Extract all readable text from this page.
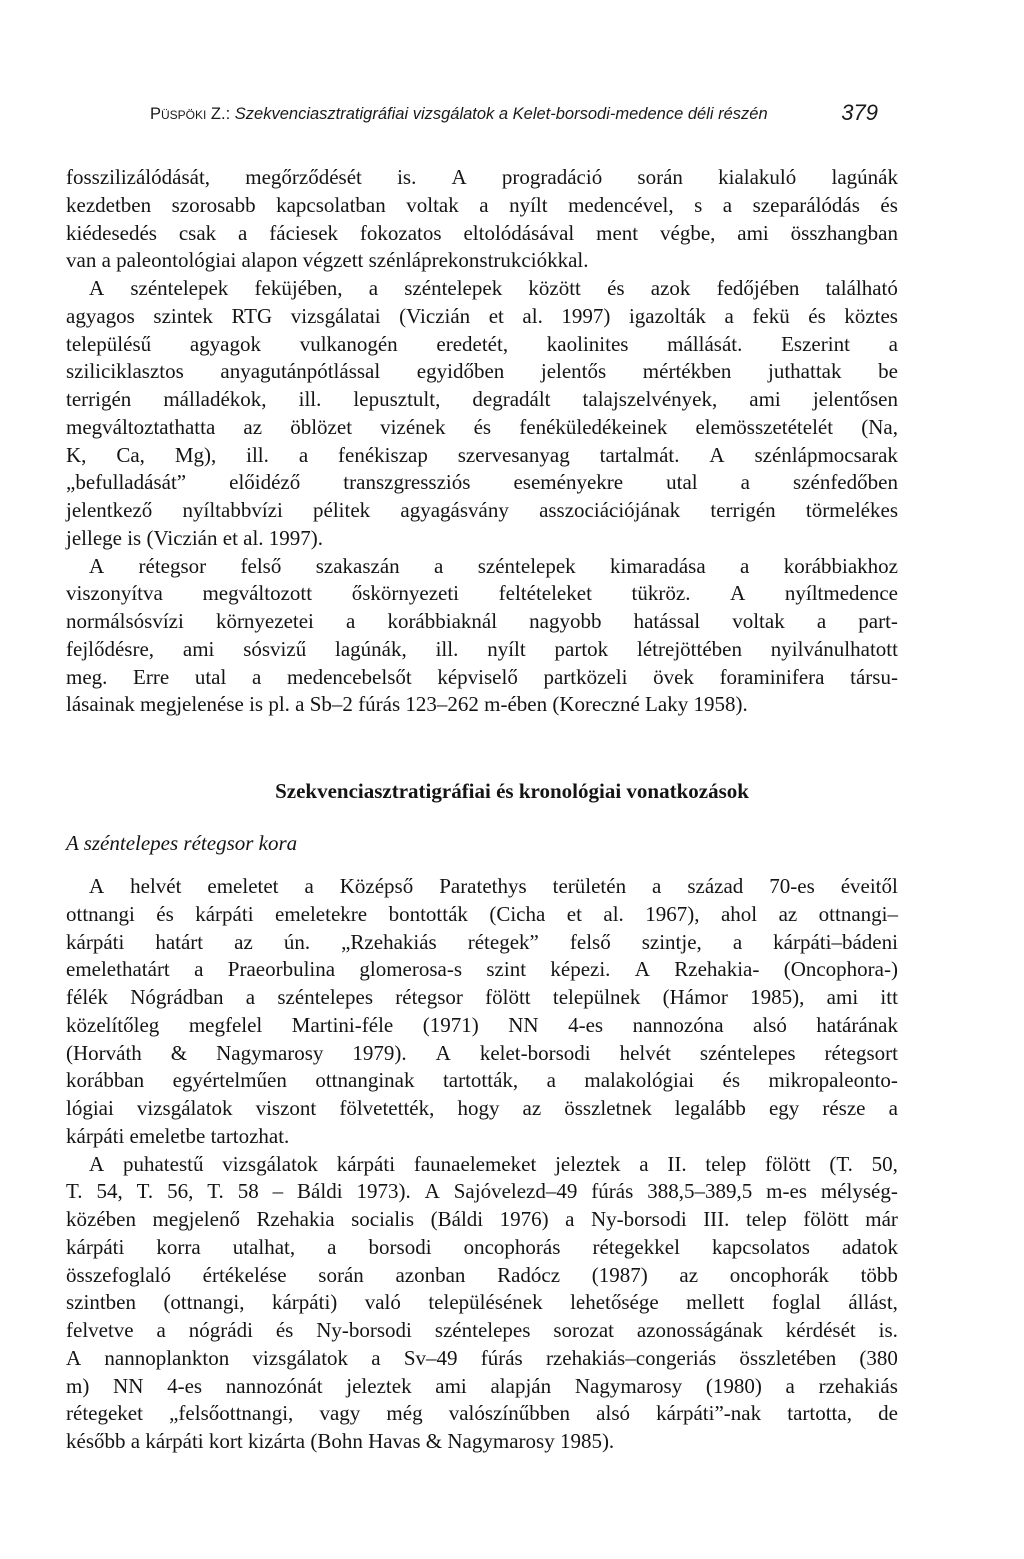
Püspöki Z.: Szekvenciasztratigráfiai vizsgálatok a Kelet-borsodi-medence déli részén	379
fosszilizálódását, megőrződését is. A progradáció során kialakuló lagúnák
kezdetben szorosabb kapcsolatban voltak a nyílt medencével, s a szeparálódás és
kiédesedés csak a fáciesek fokozatos eltolódásával ment végbe, ami összhangban
van a paleontológiai alapon végzett szénláprekonstrukciókkal.
A széntelepek feküjében, a széntelepek között és azok fedőjében található
agyagos szintek RTG vizsgálatai (Viczián et al. 1997) igazolták a fekü és köztes
településű agyagok vulkanogén eredetét, kaolinites mállását. Eszerint a
sziliciklasztos anyagutánpótlással egyidőben jelentős mértékben juthattak be
terrigén málladékok, ill. lepusztult, degradált talajszelvények, ami jelentősen
megváltoztathatta az öblözet vizének és fenéküledékeinek elemösszetételét (Na,
K, Ca, Mg), ill. a fenékiszap szervesanyag tartalmát. A szénlápmocsarak
„befulladását” előidéző transzgressziós eseményekre utal a szénfedőben
jelentkező nyíltabbvízi pélitek agyagásvány asszociációjának terrigén törmelékes
jellege is (Viczián et al. 1997).
A rétegsor felső szakaszán a széntelepek kimaradása a korábbiakhoz
viszonyítva megváltozott őskörnyezeti feltételeket tükröz. A nyíltmedence
normálsósvízi környezetei a korábbiaknál nagyobb hatással voltak a part-
fejlődésre, ami sósvizű lagúnák, ill. nyílt partok létrejöttében nyilvánulhatott
meg. Erre utal a medencebelsőt képviselő partközeli övek foraminifera társu-
lásainak megjelenése is pl. a Sb–2 fúrás 123–262 m-ében (Koreczné Laky 1958).
Szekvenciasztratigráfiai és kronológiai vonatkozások
A széntelepes rétegsor kora
A helvét emeletet a Középső Paratethys területén a század 70-es éveitől
ottnangi és kárpáti emeletekre bontották (Cicha et al. 1967), ahol az ottnangi–
kárpáti határt az ún. „Rzehakiás rétegek” felső szintje, a kárpáti–bádeni
emelethatárt a Praeorbulina glomerosa-s szint képezi. A Rzehakia- (Oncophora-)
félék Nógrádban a széntelepes rétegsor fölött települnek (Hámor 1985), ami itt
közelítőleg megfelel Martini-féle (1971) NN 4-es nannozóna alsó határának
(Horváth & Nagymarosy 1979). A kelet-borsodi helvét széntelepes rétegsort
korábban egyértelműen ottnanginak tartották, a malakológiai és mikropaleonto-
lógiai vizsgálatok viszont fölvetették, hogy az összletnek legalább egy része a
kárpáti emeletbe tartozhat.
A puhatestű vizsgálatok kárpáti faunaelemeket jeleztek a II. telep fölött (T. 50,
T. 54, T. 56, T. 58 – Báldi 1973). A Sajóvelezd–49 fúrás 388,5–389,5 m-es mélység-
közében megjelenő Rzehakia socialis (Báldi 1976) a Ny-borsodi III. telep fölött már
kárpáti korra utalhat, a borsodi oncophorás rétegekkel kapcsolatos adatok
összefoglaló értékelése során azonban Radócz (1987) az oncophorák több
szintben (ottnangi, kárpáti) való településének lehetősége mellett foglal állást,
felvetve a nógrádi és Ny-borsodi széntelepes sorozat azonosságának kérdését is.
A nannoplankton vizsgálatok a Sv–49 fúrás rzehakiás–congeriás összletében (380
m) NN 4-es nannozónát jeleztek ami alapján Nagymarosy (1980) a rzehakiás
rétegeket „felsőottnangi, vagy még valószínűbben alsó kárpáti”-nak tartotta, de
később a kárpáti kort kizárta (Bohn Havas & Nagymarosy 1985).
